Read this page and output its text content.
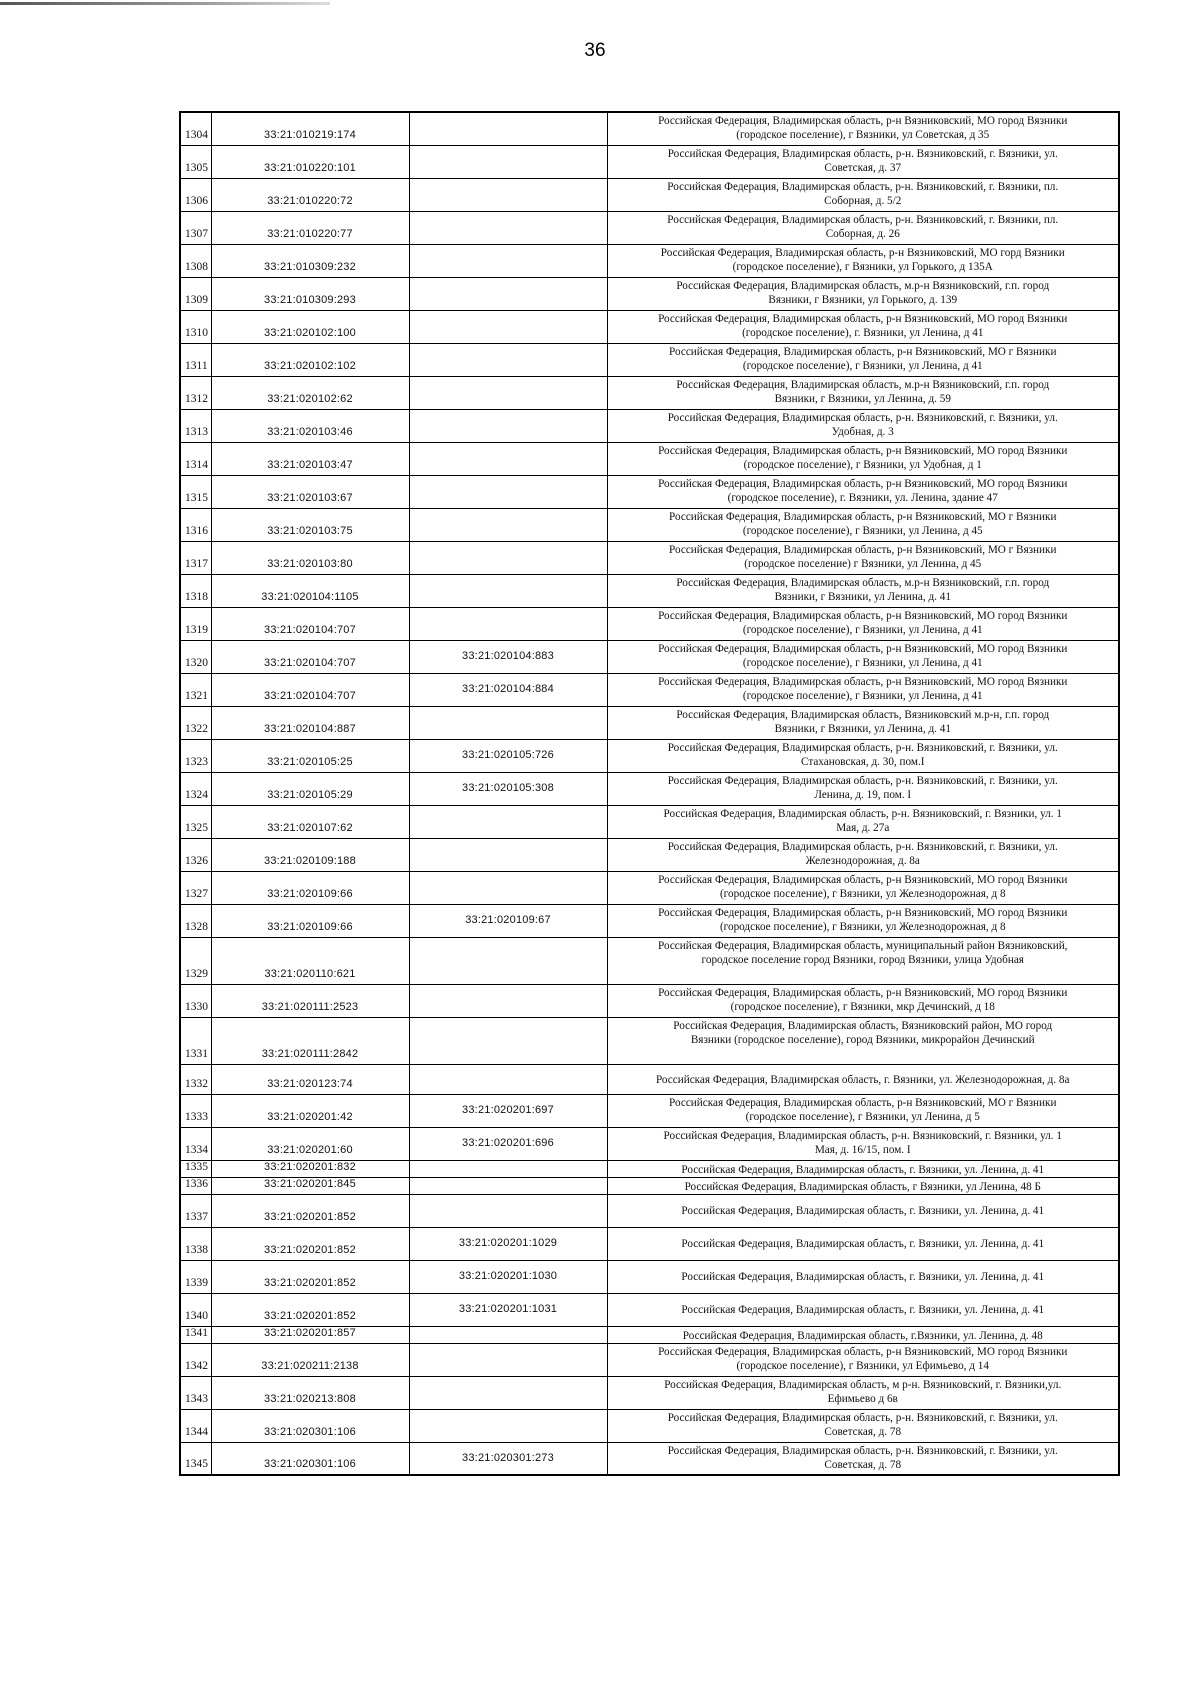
36
1304	33:21:010219:174		Российская Федерация, Владимирская область, р-н Вязниковский, МО город Вязники
(городское поселение), г Вязники, ул Советская, д 35

1305	33:21:010220:101		Российская Федерация, Владимирская область, р-н. Вязниковский, г. Вязники, ул.
Советская, д. 37

1306	33:21:010220:72		Российская Федерация, Владимирская область, р-н. Вязниковский, г. Вязники, пл.
Соборная, д. 5/2

1307	33:21:010220:77		Российская Федерация, Владимирская область, р-н. Вязниковский, г. Вязники, пл.
Соборная, д. 26

1308	33:21:010309:232		Российская Федерация, Владимирская область, р-н Вязниковский, МО горд Вязники
(городское поселение), г Вязники, ул Горького, д 135А

1309	33:21:010309:293		Российская Федерация, Владимирская область, м.р-н Вязниковский, г.п. город
Вязники, г Вязники, ул Горького, д. 139

1310	33:21:020102:100		Российская Федерация, Владимирская область, р-н Вязниковский, МО город Вязники
(городское поселение), г. Вязники, ул Ленина, д 41

1311	33:21:020102:102		Российская Федерация, Владимирская область, р-н Вязниковский, МО г Вязники
(городское поселение), г Вязники, ул Ленина, д 41

1312	33:21:020102:62		Российская Федерация, Владимирская область, м.р-н Вязниковский, г.п. город
Вязники, г Вязники, ул Ленина, д. 59

1313	33:21:020103:46		Российская Федерация, Владимирская область, р-н. Вязниковский, г. Вязники, ул.
Удобная, д. 3

1314	33:21:020103:47		Российская Федерация, Владимирская область, р-н Вязниковский, МО город Вязники
(городское поселение), г Вязники, ул Удобная, д 1

1315	33:21:020103:67		Российская Федерация, Владимирская область, р-н Вязниковский, МО город Вязники
(городское поселение), г. Вязники, ул. Ленина, здание 47

1316	33:21:020103:75		Российская Федерация, Владимирская область, р-н Вязниковский, МО г Вязники
(городское поселение), г Вязники, ул Ленина, д 45

1317	33:21:020103:80		Российская Федерация, Владимирская область, р-н Вязниковский, МО г Вязники
(городское поселение) г Вязники, ул Ленина, д 45

1318	33:21:020104:1105		Российская Федерация, Владимирская область, м.р-н Вязниковский, г.п. город
Вязники, г Вязники, ул Ленина, д. 41

1319	33:21:020104:707		Российская Федерация, Владимирская область, р-н Вязниковский, МО город Вязники
(городское поселение), г Вязники, ул Ленина, д 41

1320	33:21:020104:707	33:21:020104:883	Российская Федерация, Владимирская область, р-н Вязниковский, МО город Вязники
(городское поселение), г Вязники, ул Ленина, д 41

1321	33:21:020104:707	33:21:020104:884	Российская Федерация, Владимирская область, р-н Вязниковский, МО город Вязники
(городское поселение), г Вязники, ул Ленина, д 41

1322	33:21:020104:887		Российская Федерация, Владимирская область, Вязниковский м.р-н, г.п. город
Вязники, г Вязники, ул Ленина, д. 41

1323	33:21:020105:25	33:21:020105:726	Российская Федерация, Владимирская область, р-н. Вязниковский, г. Вязники, ул.
Стахановская, д. 30, пом.I

1324	33:21:020105:29	33:21:020105:308	Российская Федерация, Владимирская область, р-н. Вязниковский, г. Вязники, ул.
Ленина, д. 19, пом. I

1325	33:21:020107:62		Российская Федерация, Владимирская область, р-н. Вязниковский, г. Вязники, ул. 1
Мая, д. 27а

1326	33:21:020109:188		Российская Федерация, Владимирская область, р-н. Вязниковский, г. Вязники, ул.
Железнодорожная, д. 8а

1327	33:21:020109:66		Российская Федерация, Владимирская область, р-н Вязниковский, МО город Вязники
(городское поселение), г Вязники, ул Железнодорожная, д 8

1328	33:21:020109:66	33:21:020109:67	Российская Федерация, Владимирская область, р-н Вязниковский, МО город Вязники
(городское поселение), г Вязники, ул Железнодорожная, д 8

1329	33:21:020110:621		Российская Федерация, Владимирская область, муниципальный район Вязниковский,
городское поселение город Вязники, город Вязники, улица Удобная

1330	33:21:020111:2523		Российская Федерация, Владимирская область, р-н Вязниковский, МО город Вязники
(городское поселение), г Вязники, мкр Дечинский, д 18

1331	33:21:020111:2842		Российская Федерация, Владимирская область, Вязниковский район, МО город
Вязники (городское поселение), город Вязники, микрорайон Дечинский

1332	33:21:020123:74		Российская Федерация, Владимирская область, г. Вязники, ул. Железнодорожная, д. 8а

1333	33:21:020201:42	33:21:020201:697	Российская Федерация, Владимирская область, р-н Вязниковский, МО г Вязники
(городское поселение), г Вязники, ул Ленина, д 5

1334	33:21:020201:60	33:21:020201:696	Российская Федерация, Владимирская область, р-н. Вязниковский, г. Вязники, ул. 1
Мая, д. 16/15, пом. I

1335	33:21:020201:832		Российская Федерация, Владимирская область, г. Вязники, ул. Ленина, д. 41

1336	33:21:020201:845		Российская Федерация, Владимирская область, г Вязники, ул Ленина, 48 Б

1337	33:21:020201:852		Российская Федерация, Владимирская область, г. Вязники, ул. Ленина, д. 41

1338	33:21:020201:852	33:21:020201:1029	Российская Федерация, Владимирская область, г. Вязники, ул. Ленина, д. 41

1339	33:21:020201:852	33:21:020201:1030	Российская Федерация, Владимирская область, г. Вязники, ул. Ленина, д. 41

1340	33:21:020201:852	33:21:020201:1031	Российская Федерация, Владимирская область, г. Вязники, ул. Ленина, д. 41

1341	33:21:020201:857		Российская Федерация, Владимирская область, г.Вязники, ул. Ленина, д. 48

1342	33:21:020211:2138		Российская Федерация, Владимирская область, р-н Вязниковский, МО город Вязники
(городское поселение), г Вязники, ул Ефимьево, д 14

1343	33:21:020213:808		Российская Федерация, Владимирская область, м р-н. Вязниковский, г. Вязники,ул.
Ефимьево д 6в

1344	33:21:020301:106		Российская Федерация, Владимирская область, р-н. Вязниковский, г. Вязники, ул.
Советская, д. 78

1345	33:21:020301:106	33:21:020301:273	Российская Федерация, Владимирская область, р-н. Вязниковский, г. Вязники, ул.
Советская, д. 78
